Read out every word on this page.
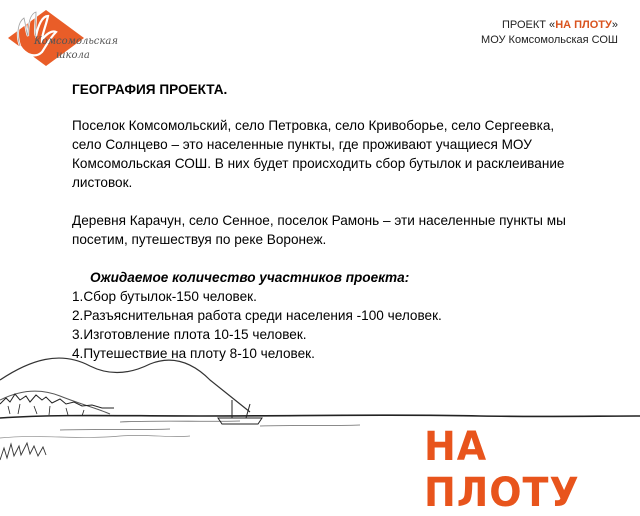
Комсомольская
школа
ПРОЕКТ «НА ПЛОТУ»
МОУ Комсомольская СОШ
ГЕОГРАФИЯ ПРОЕКТА.
Поселок Комсомольский, село Петровка, село Кривоборье, село Сергеевка, село Солнцево – это населенные пункты, где проживают учащиеся МОУ Комсомольская СОШ. В них будет происходить сбор бутылок и расклеивание листовок.
Деревня Карачун, село Сенное, поселок Рамонь – эти населенные пункты мы посетим, путешествуя по реке Воронеж.
Ожидаемое количество участников проекта:
1.Сбор бутылок-150 человек.
2.Разъяснительная работа среди населения -100 человек.
3.Изготовление плота 10-15 человек.
4.Путешествие на плоту 8-10 человек.
НА ПЛОТУ
